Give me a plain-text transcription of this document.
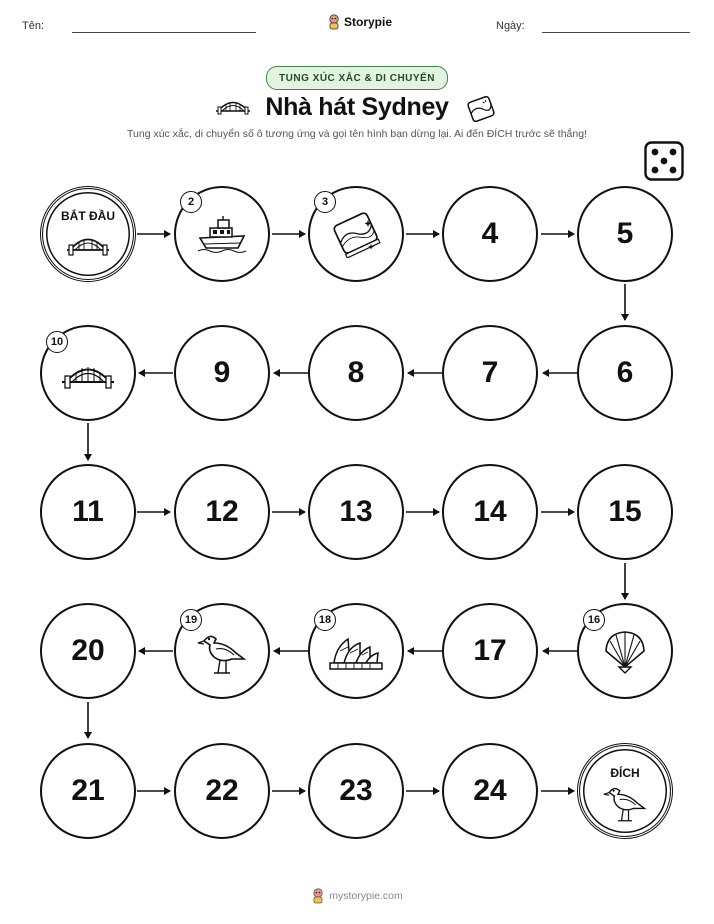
Tên:	Storypie	Ngày:
TUNG XÚC XẮC & DI CHUYỂN
Nhà hát Sydney
Tung xúc xắc, di chuyển số ô tương ứng và gọi tên hình bạn dừng lại. Ai đến ĐÍCH trước sẽ thắng!
BẮT ĐẦU
2	3
4	5
10
9	8	7	6
11	12	13	14	15
20
19	18
17
16
21	22	23	24
ĐÍCH
mystorypie.com
